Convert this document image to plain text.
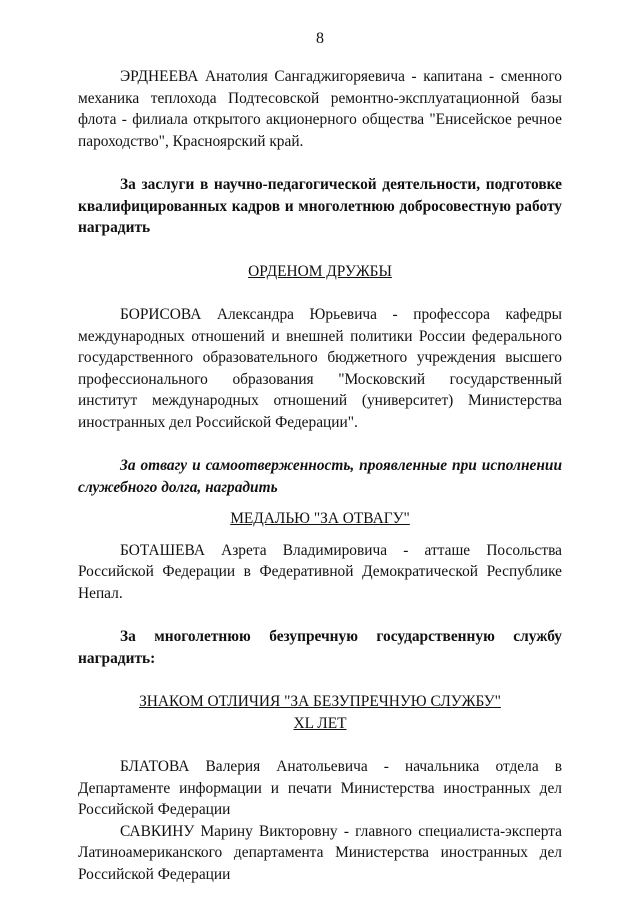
8

ЭРДНЕЕВА Анатолия Сангаджигоряевича - капитана - сменного механика теплохода Подтесовской ремонтно-эксплуатационной базы флота - филиала открытого акционерного общества "Енисейское речное пароходство", Красноярский край.

За заслуги в научно-педагогической деятельности, подготовке квалифицированных кадров и многолетнюю добросовестную работу наградить

ОРДЕНОМ ДРУЖБЫ

БОРИСОВА Александра Юрьевича - профессора кафедры международных отношений и внешней политики России федерального государственного образовательного бюджетного учреждения высшего профессионального образования "Московский государственный институт международных отношений (университет) Министерства иностранных дел Российской Федерации".

За отвагу и самоотверженность, проявленные при исполнении служебного долга, наградить

МЕДАЛЬЮ "ЗА ОТВАГУ"

БОТАШЕВА Азрета Владимировича - атташе Посольства Российской Федерации в Федеративной Демократической Республике Непал.

За многолетнюю безупречную государственную службу наградить:

ЗНАКОМ ОТЛИЧИЯ "ЗА БЕЗУПРЕЧНУЮ СЛУЖБУ"

XL ЛЕТ

БЛАТОВА Валерия Анатольевича - начальника отдела в Департаменте информации и печати Министерства иностранных дел Российской Федерации

САВКИНУ Марину Викторовну - главного специалиста-эксперта Латиноамериканского департамента Министерства иностранных дел Российской Федерации
